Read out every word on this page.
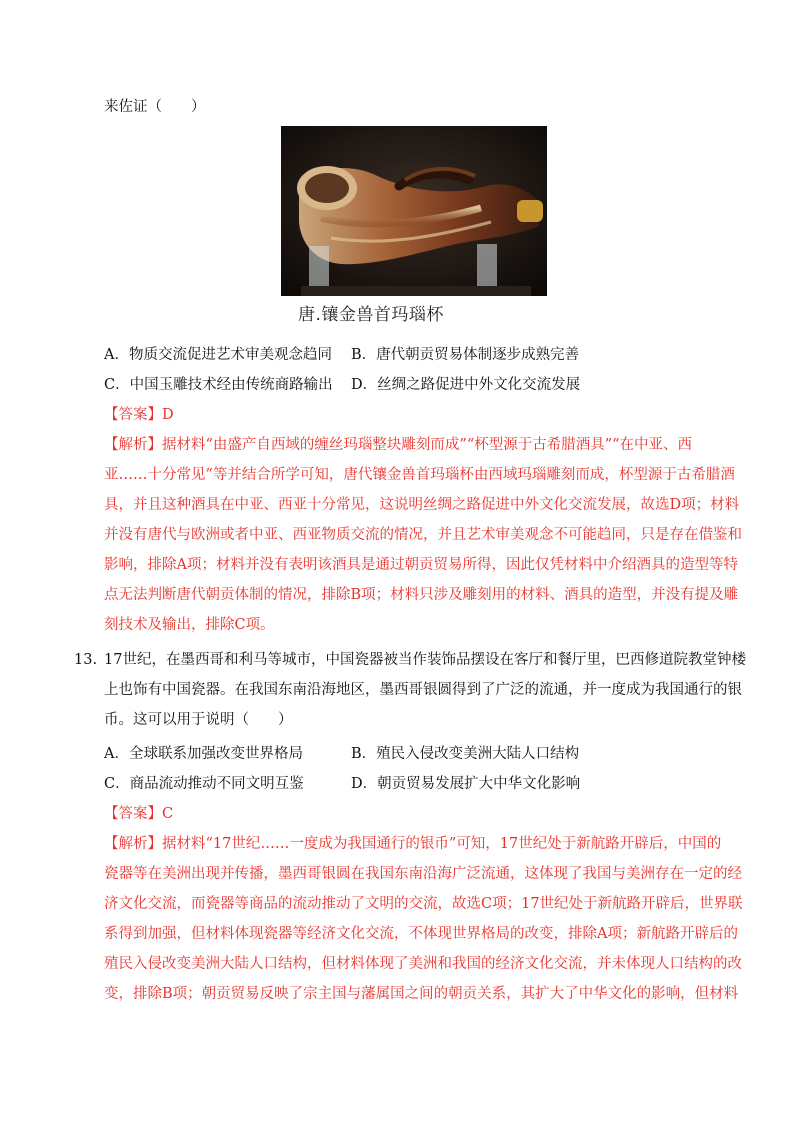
来佐证（　　）
唐.镶金兽首玛瑙杯
A．物质交流促进艺术审美观念趋同 B．唐代朝贡贸易体制逐步成熟完善
C．中国玉雕技术经由传统商路输出 D．丝绸之路促进中外文化交流发展
【答案】D
【解析】据材料“由盛产自西域的缠丝玛瑙整块雕刻而成”“杯型源于古希腊酒具”“在中亚、西
亚……十分常见”等并结合所学可知，唐代镶金兽首玛瑙杯由西域玛瑙雕刻而成，杯型源于古希腊酒
具，并且这种酒具在中亚、西亚十分常见，这说明丝绸之路促进中外文化交流发展，故选D项；材料
并没有唐代与欧洲或者中亚、西亚物质交流的情况，并且艺术审美观念不可能趋同，只是存在借鉴和
影响，排除A项；材料并没有表明该酒具是通过朝贡贸易所得，因此仅凭材料中介绍酒具的造型等特
点无法判断唐代朝贡体制的情况，排除B项；材料只涉及雕刻用的材料、酒具的造型，并没有提及雕
刻技术及输出，排除C项。
13. 17世纪，在墨西哥和利马等城市，中国瓷器被当作装饰品摆设在客厅和餐厅里，巴西修道院教堂钟楼
上也饰有中国瓷器。在我国东南沿海地区，墨西哥银圆得到了广泛的流通，并一度成为我国通行的银
币。这可以用于说明（　　）
A．全球联系加强改变世界格局	B．殖民入侵改变美洲大陆人口结构
C．商品流动推动不同文明互鉴	D．朝贡贸易发展扩大中华文化影响
【答案】C
【解析】据材料“17世纪……一度成为我国通行的银币”可知，17世纪处于新航路开辟后，中国的
瓷器等在美洲出现并传播，墨西哥银圆在我国东南沿海广泛流通，这体现了我国与美洲存在一定的经
济文化交流，而瓷器等商品的流动推动了文明的交流，故选C项；17世纪处于新航路开辟后，世界联
系得到加强，但材料体现瓷器等经济文化交流，不体现世界格局的改变，排除A项；新航路开辟后的
殖民入侵改变美洲大陆人口结构，但材料体现了美洲和我国的经济文化交流，并未体现人口结构的改
变，排除B项；朝贡贸易反映了宗主国与藩属国之间的朝贡关系，其扩大了中华文化的影响，但材料
